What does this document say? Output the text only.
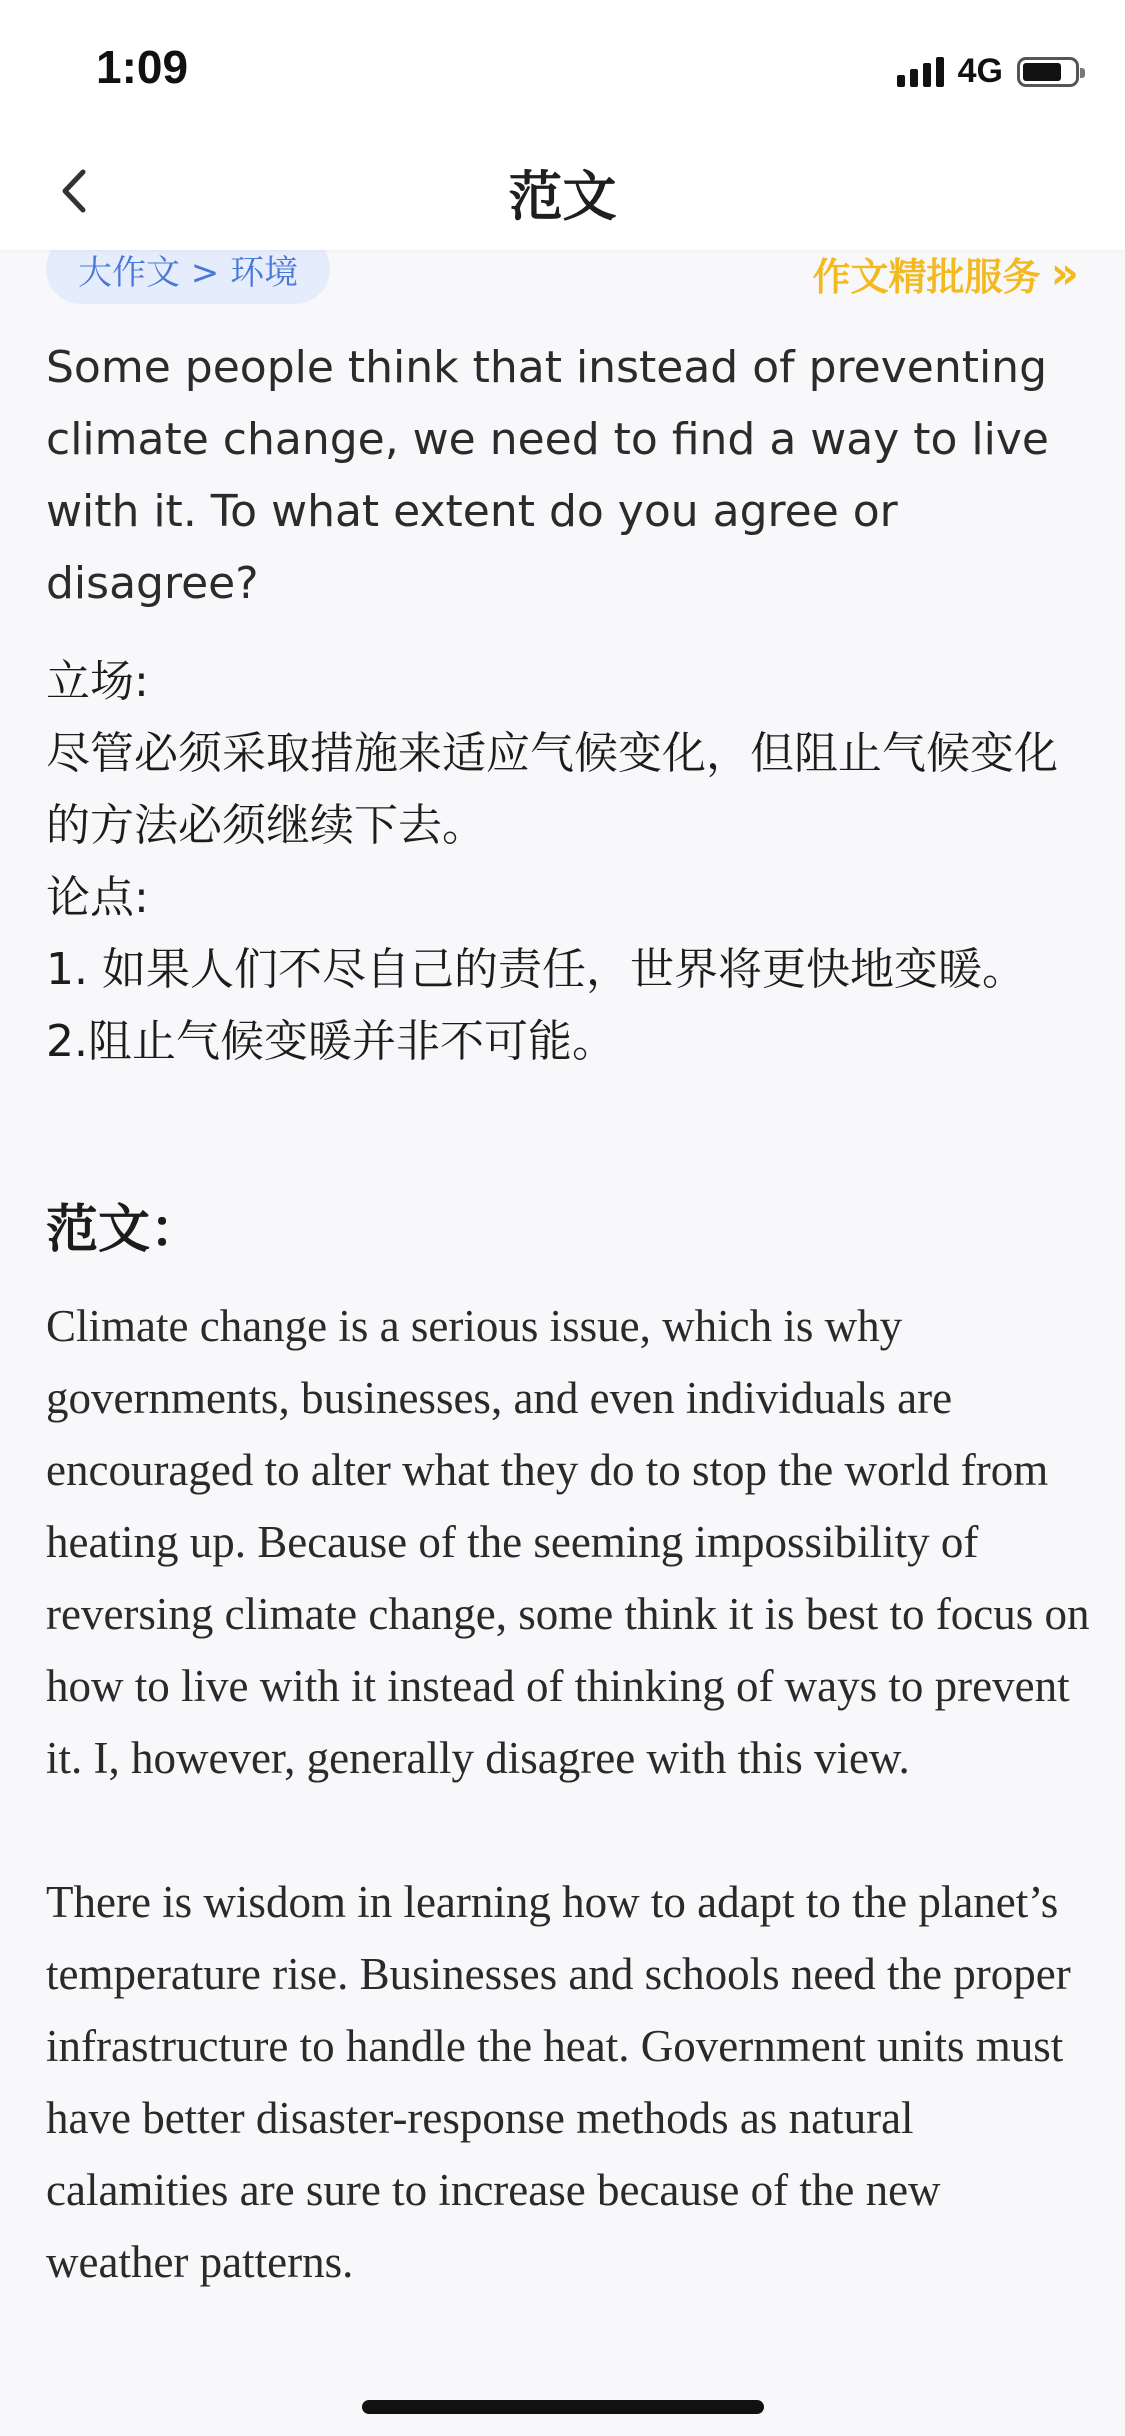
1:09	4G
范文
大作文 > 环境	作文精批服务 »

Some people think that instead of preventing climate change, we need to find a way to live with it. To what extent do you agree or disagree?

立场:
尽管必须采取措施来适应气候变化，但阻止气候变化的方法必须继续下去。
论点:
1. 如果人们不尽自己的责任，世界将更快地变暖。
2.阻止气候变暖并非不可能。
范文：

Climate change is a serious issue, which is why governments, businesses, and even individuals are encouraged to alter what they do to stop the world from heating up. Because of the seeming impossibility of reversing climate change, some think it is best to focus on how to live with it instead of thinking of ways to prevent it. I, however, generally disagree with this view.

There is wisdom in learning how to adapt to the planet’s temperature rise. Businesses and schools need the proper infrastructure to handle the heat. Government units must have better disaster-response methods as natural calamities are sure to increase because of the new weather patterns.
